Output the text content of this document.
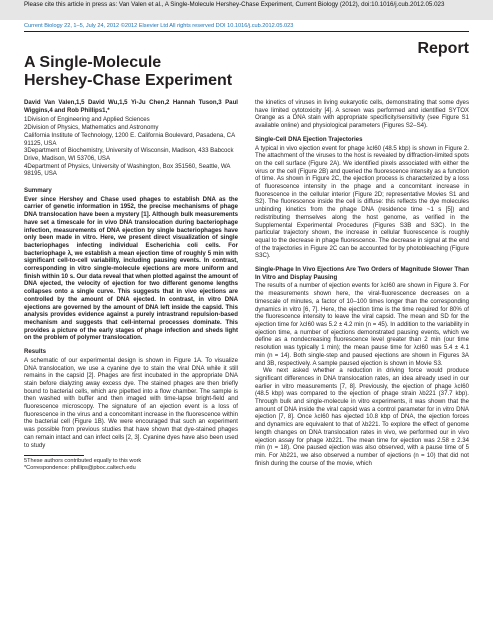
Please cite this article in press as: Van Valen et al., A Single-Molecule Hershey-Chase Experiment, Current Biology (2012), doi:10.1016/j.cub.2012.05.023
Current Biology 22, 1–5, July 24, 2012 ©2012 Elsevier Ltd All rights reserved DOI 10.1016/j.cub.2012.05.023
Report
A Single-Molecule Hershey-Chase Experiment

David Van Valen,1,5 David Wu,1,5 Yi-Ju Chen,2 Hannah Tuson,3 Paul Wiggins,4 and Rob Phillips1,*

1Division of Engineering and Applied Sciences

2Division of Physics, Mathematics and Astronomy

California Institute of Technology, 1200 E. California Boulevard, Pasadena, CA 91125, USA

3Department of Biochemistry, University of Wisconsin, Madison, 433 Babcock Drive, Madison, WI 53706, USA

4Department of Physics, University of Washington, Box 351560, Seattle, WA 98195, USA

Summary

Ever since Hershey and Chase used phages to establish DNA as the carrier of genetic information in 1952, the precise mechanisms of phage DNA translocation have been a mystery [1]. Although bulk measurements have set a timescale for in vivo DNA translocation during bacteriophage infection, measurements of DNA ejection by single bacteriophages have only been made in vitro. Here, we present direct visualization of single bacteriophages infecting individual Escherichia coli cells. For bacteriophage λ, we establish a mean ejection time of roughly 5 min with significant cell-to-cell variability, including pausing events. In contrast, corresponding in vitro single-molecule ejections are more uniform and finish within 10 s. Our data reveal that when plotted against the amount of DNA ejected, the velocity of ejection for two different genome lengths collapses onto a single curve. This suggests that in vivo ejections are controlled by the amount of DNA ejected. In contrast, in vitro DNA ejections are governed by the amount of DNA left inside the capsid. This analysis provides evidence against a purely intrastrand repulsion-based mechanism and suggests that cell-internal processes dominate. This provides a picture of the early stages of phage infection and sheds light on the problem of polymer translocation.

Results

A schematic of our experimental design is shown in Figure 1A. To visualize DNA translocation, we use a cyanine dye to stain the viral DNA while it still remains in the capsid [2]. Phages are first incubated in the appropriate DNA stain before dialyzing away excess dye. The stained phages are then briefly bound to bacterial cells, which are pipetted into a flow chamber. The sample is then washed with buffer and then imaged with time-lapse bright-field and fluorescence microscopy. The signature of an ejection event is a loss of fluorescence in the virus and a concomitant increase in the fluorescence within the bacterial cell (Figure 1B). We were encouraged that such an experiment was possible from previous studies that have shown that dye-stained phages can remain intact and can infect cells [2, 3]. Cyanine dyes have also been used to study

5These authors contributed equally to this work

*Correspondence: phillips@pboc.caltech.edu

the kinetics of viruses in living eukaryotic cells, demonstrating that some dyes have limited cytotoxicity [4]. A screen was performed and identified SYTOX Orange as a DNA stain with appropriate specificity/sensitivity (see Figure S1 available online) and physiological parameters (Figures S2–S4).

Single-Cell DNA Ejection Trajectories

A typical in vivo ejection event for phage λcI60 (48.5 kbp) is shown in Figure 2. The attachment of the viruses to the host is revealed by diffraction-limited spots on the cell surface (Figure 2A). We identified pixels associated with either the virus or the cell (Figure 2B) and queried the fluorescence intensity as a function of time. As shown in Figure 2C, the ejection process is characterized by a loss of fluorescence intensity in the phage and a concomitant increase in fluorescence in the cellular interior (Figure 2D; representative Movies S1 and S2). The fluorescence inside the cell is diffuse: this reflects the dye molecules unbinding kinetics from the phage DNA (residence time ~1 s [5]) and redistributing themselves along the host genome, as verified in the Supplemental Experimental Procedures (Figures S3B and S3C). In the particular trajectory shown, the increase in cellular fluorescence is roughly equal to the decrease in phage fluorescence. The decrease in signal at the end of the trajectories in Figure 2C can be accounted for by photobleaching (Figure S3C).

Single-Phage In Vivo Ejections Are Two Orders of Magnitude Slower Than In Vitro and Display Pausing

The results of a number of ejection events for λcI60 are shown in Figure 3. For the measurements shown here, the viral-fluorescence decreases on a timescale of minutes, a factor of 10–100 times longer than the corresponding dynamics in vitro [6, 7]. Here, the ejection time is the time required for 80% of the fluorescence intensity to leave the viral capsid. The mean and SD for the ejection time for λcI60 was 5.2 ± 4.2 min (n = 45). In addition to the variability in ejection time, a number of ejections demonstrated pausing events, which we define as a nondecreasing fluorescence level greater than 2 min (our time resolution was typically 1 min); the mean pause time for λcI60 was 5.4 ± 4.1 min (n = 14). Both single-step and paused ejections are shown in Figures 3A and 3B, respectively. A sample paused ejection is shown in Movie S3.

We next asked whether a reduction in driving force would produce significant differences in DNA translocation rates, an idea already used in our earlier in vitro measurements [7, 8]. Previously, the ejection of phage λcI60 (48.5 kbp) was compared to the ejection of phage strain λb221 (37.7 kbp). Through bulk and single-molecule in vitro experiments, it was shown that the amount of DNA inside the viral capsid was a control parameter for in vitro DNA ejection [7, 8]. Once λcI60 has ejected 10.8 kbp of DNA, the ejection forces and dynamics are equivalent to that of λb221. To explore the effect of genome length changes on DNA translocation rates in vivo, we performed our in vivo ejection assay for phage λb221. The mean time for ejection was 2.58 ± 2.34 min (n = 18). One paused ejection was also observed, with a pause time of 5 min. For λb221, we also observed a number of ejections (n = 10) that did not finish during the course of the movie, which
